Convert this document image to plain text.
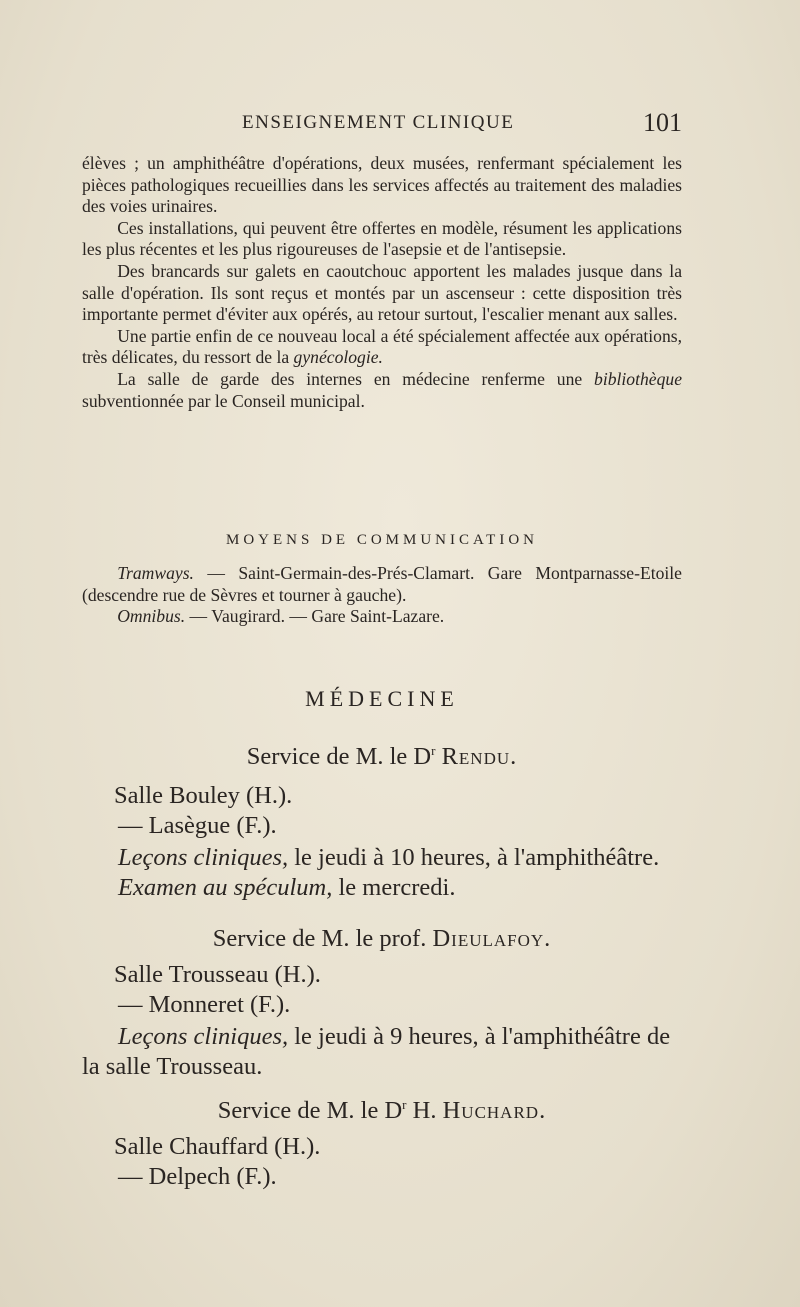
ENSEIGNEMENT CLINIQUE	101

élèves ; un amphithéâtre d'opérations, deux musées, renfermant spécialement les pièces pathologiques recueillies dans les services affectés au traitement des maladies des voies urinaires.

Ces installations, qui peuvent être offertes en modèle, résument les applications les plus récentes et les plus rigoureuses de l'asepsie et de l'antisepsie.

Des brancards sur galets en caoutchouc apportent les malades jusque dans la salle d'opération. Ils sont reçus et montés par un ascenseur : cette disposition très importante permet d'éviter aux opérés, au retour surtout, l'escalier menant aux salles.

Une partie enfin de ce nouveau local a été spécialement affectée aux opérations, très délicates, du ressort de la gynécologie.

La salle de garde des internes en médecine renferme une bibliothèque subventionnée par le Conseil municipal.

MOYENS DE COMMUNICATION

Tramways. — Saint-Germain-des-Prés-Clamart. Gare Montparnasse-Etoile (descendre rue de Sèvres et tourner à gauche).

Omnibus. — Vaugirard. — Gare Saint-Lazare.

MÉDECINE

Service de M. le $D^r$ Rendu.

Salle Bouley (H.).

— Lasègue (F.).

Leçons cliniques, le jeudi à 10 heures, à l'amphithéâtre.

Examen au spéculum, le mercredi.

Service de M. le prof. Dieulafoy.

Salle Trousseau (H.).

— Monneret (F.).

Leçons cliniques, le jeudi à 9 heures, à l'amphithéâtre de la salle Trousseau.

Service de M. le $D^r$ H. Huchard.

Salle Chauffard (H.).

— Delpech (F.).
